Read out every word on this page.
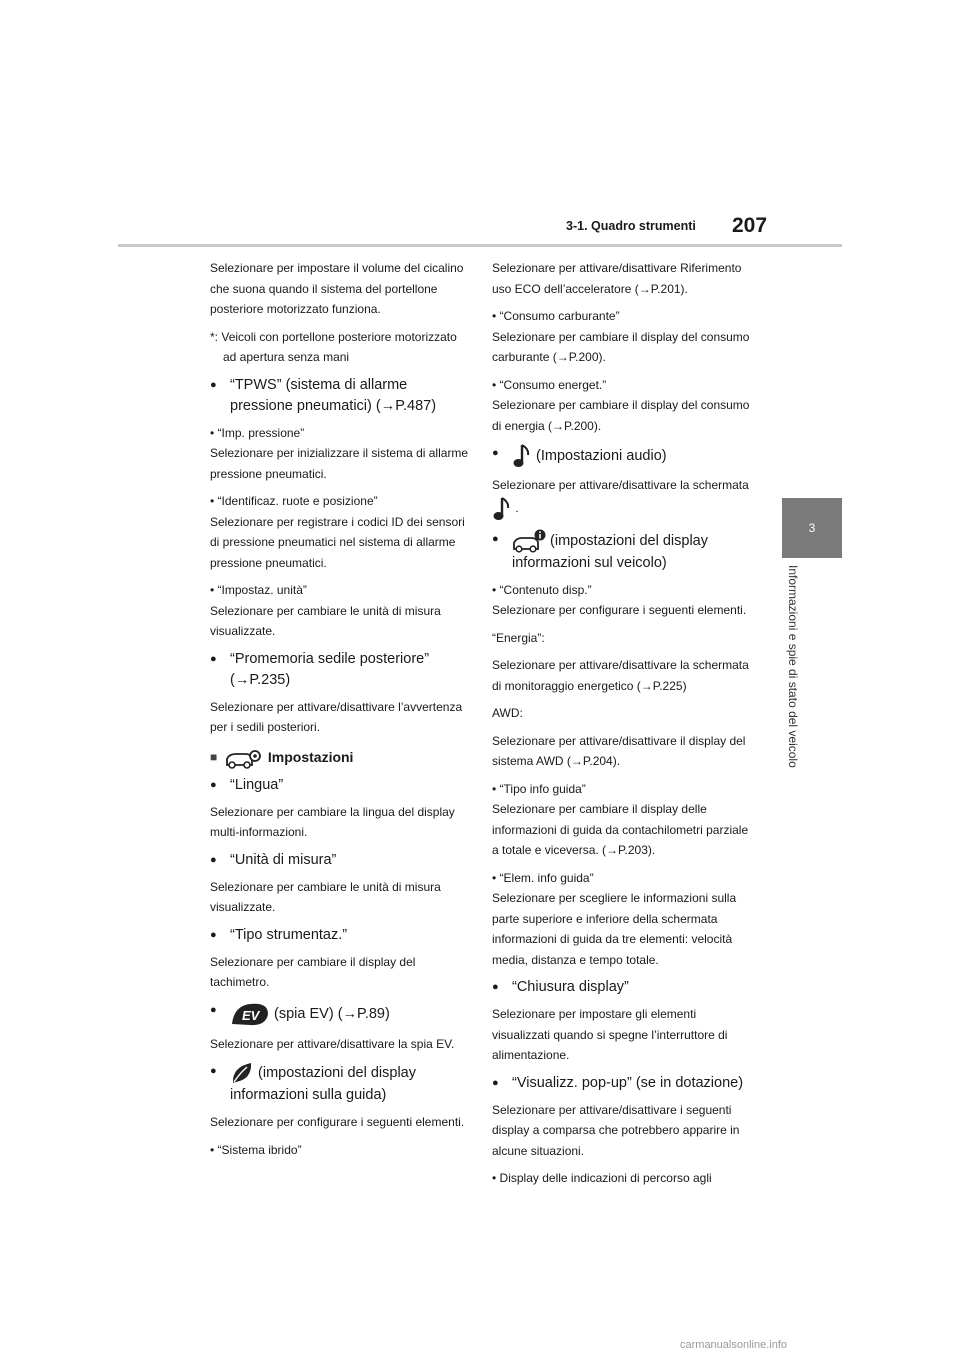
3-1. Quadro strumenti	207
3
Informazioni e spie di stato del veicolo

Selezionare per impostare il volume del cicalino che suona quando il sistema del portellone posteriore motorizzato funziona.

*: Veicoli con portellone posteriore motorizzato ad apertura senza mani

● “TPWS” (sistema di allarme pressione pneumatici) (→P.487)

• “Imp. pressione”
Selezionare per inizializzare il sistema di allarme pressione pneumatici.

• “Identificaz. ruote e posizione”
Selezionare per registrare i codici ID dei sensori di pressione pneumatici nel sistema di allarme pressione pneumatici.

• “Impostaz. unità”
Selezionare per cambiare le unità di misura visualizzate.

● “Promemoria sedile posteriore” (→P.235)

Selezionare per attivare/disattivare l’avvertenza per i sedili posteriori.

■ Impostazioni
● “Lingua”

Selezionare per cambiare la lingua del display multi-informazioni.

● “Unità di misura”

Selezionare per cambiare le unità di misura visualizzate.

● “Tipo strumentaz.”

Selezionare per cambiare il display del tachimetro.

● EV (spia EV) (→P.89)

Selezionare per attivare/disattivare la spia EV.

● (impostazioni del display informazioni sulla guida)

Selezionare per configurare i seguenti elementi.

• “Sistema ibrido”

Selezionare per attivare/disattivare Riferimento uso ECO dell’acceleratore (→P.201).

• “Consumo carburante”
Selezionare per cambiare il display del consumo carburante (→P.200).

• “Consumo energet.”
Selezionare per cambiare il display del consumo di energia (→P.200).

● (Impostazioni audio)

Selezionare per attivare/disattivare la schermata  .

● (impostazioni del display informazioni sul veicolo)

• “Contenuto disp.”
Selezionare per configurare i seguenti elementi.

“Energia”:

Selezionare per attivare/disattivare la schermata di monitoraggio energetico (→P.225)

AWD:

Selezionare per attivare/disattivare il display del sistema AWD (→P.204).

• “Tipo info guida”
Selezionare per cambiare il display delle informazioni di guida da contachilometri parziale a totale e viceversa. (→P.203).

• “Elem. info guida”
Selezionare per scegliere le informazioni sulla parte superiore e inferiore della schermata informazioni di guida da tre elementi: velocità media, distanza e tempo totale.

● “Chiusura display”

Selezionare per impostare gli elementi visualizzati quando si spegne l’interruttore di alimentazione.

● “Visualizz. pop-up” (se in dotazione)

Selezionare per attivare/disattivare i seguenti display a comparsa che potrebbero apparire in alcune situazioni.

• Display delle indicazioni di percorso agli

carmanualsonline.info
